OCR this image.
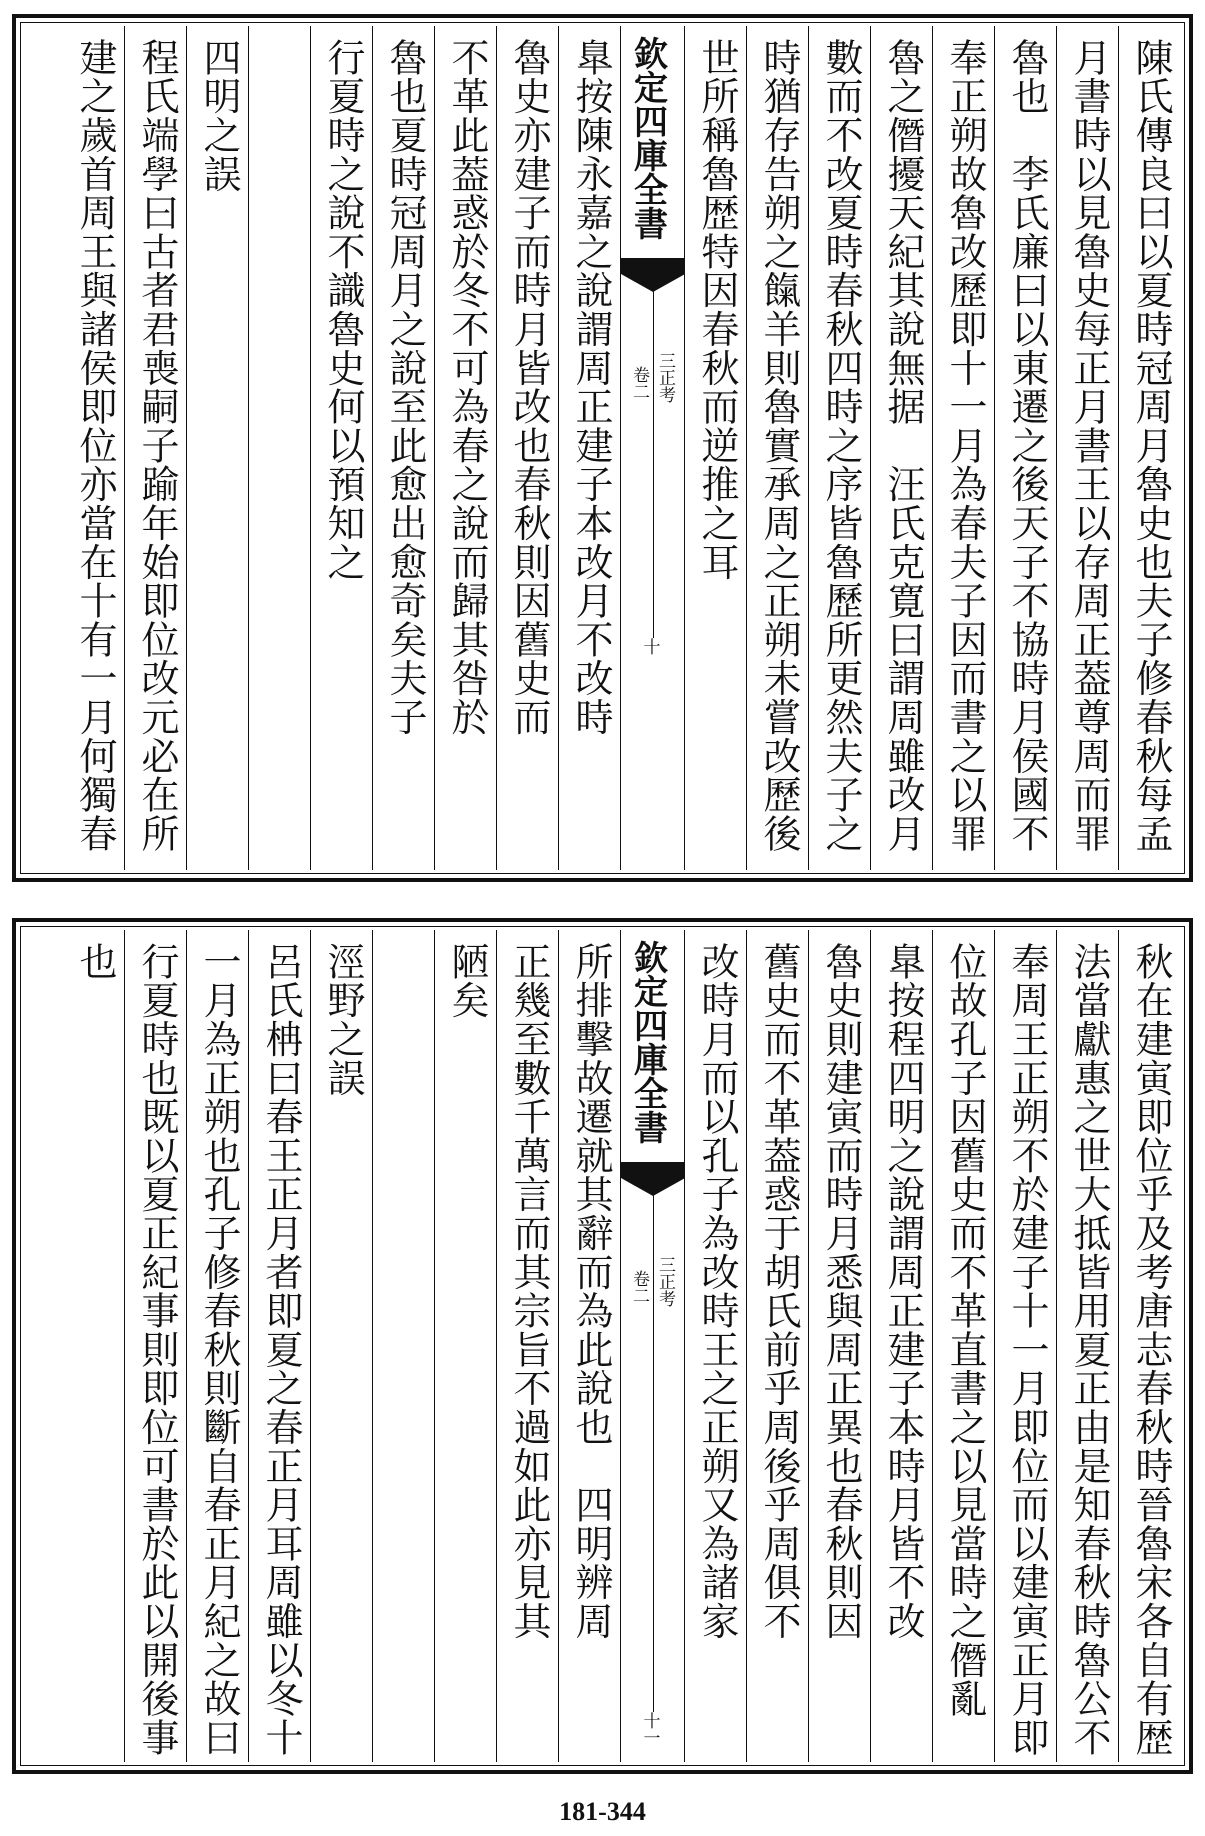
陳氏傳良曰以夏時冠周月魯史也夫子修春秋每孟
月書時以見魯史每正月書王以存周正葢尊周而罪
魯也　李氏廉曰以東遷之後天子不協時月侯國不
奉正朔故魯改歷即十一月為春夫子因而書之以罪
魯之僭擾天紀其說無据　汪氏克寛曰謂周雖改月
數而不改夏時春秋四時之序皆魯歷所更然夫子之
時猶存告朔之餼羊則魯實承周之正朔未嘗改歷後
世所稱魯歴特因春秋而逆推之耳
欽定四庫全書
三正考
卷二
十
臯按陳永嘉之說謂周正建子本改月不改時
魯史亦建子而時月皆改也春秋則因舊史而
不革此葢惑於冬不可為春之說而歸其咎於
魯也夏時冠周月之說至此愈出愈奇矣夫子
行夏時之說不識魯史何以預知之

四明之誤
程氏端學曰古者君喪嗣子踰年始即位改元必在所
建之歲首周王與諸侯即位亦當在十有一月何獨春
秋在建寅即位乎及考唐志春秋時晉魯宋各自有歴
法當獻惠之世大抵皆用夏正由是知春秋時魯公不
奉周王正朔不於建子十一月即位而以建寅正月即
位故孔子因舊史而不革直書之以見當時之僭亂
臯按程四明之說謂周正建子本時月皆不改
魯史則建寅而時月悉與周正異也春秋則因
舊史而不革葢惑于胡氏前乎周後乎周俱不
改時月而以孔子為改時王之正朔又為諸家
欽定四庫全書
三正考
卷二
十一
所排擊故遷就其辭而為此說也　四明辨周
正幾至數千萬言而其宗旨不過如此亦見其
陋矣

涇野之誤
呂氏柟曰春王正月者即夏之春正月耳周雖以冬十
一月為正朔也孔子修春秋則斷自春正月紀之故曰
行夏時也既以夏正紀事則即位可書於此以開後事
也
181-344
